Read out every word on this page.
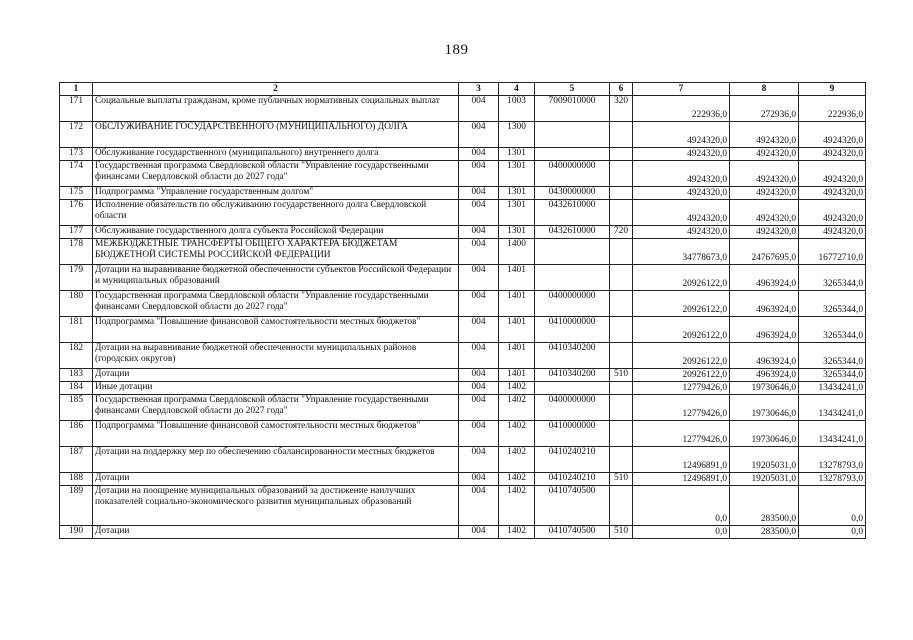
189
1	2	3	4	5	6	7	8	9
171	Социальные выплаты гражданам, кроме публичных нормативных социальных выплат	004	1003	7009010000	320	222936,0	272936,0	222936,0
172	ОБСЛУЖИВАНИЕ ГОСУДАРСТВЕННОГО (МУНИЦИПАЛЬНОГО) ДОЛГА	004	1300			4924320,0	4924320,0	4924320,0
173	Обслуживание государственного (муниципального) внутреннего долга	004	1301			4924320,0	4924320,0	4924320,0
174	Государственная программа Свердловской области "Управление государственными финансами Свердловской области до 2027 года"	004	1301	0400000000		4924320,0	4924320,0	4924320,0
175	Подпрограмма "Управление государственным долгом"	004	1301	0430000000		4924320,0	4924320,0	4924320,0
176	Исполнение обязательств по обслуживанию государственного долга Свердловской области	004	1301	0432610000		4924320,0	4924320,0	4924320,0
177	Обслуживание государственного долга субъекта Российской Федерации	004	1301	0432610000	720	4924320,0	4924320,0	4924320,0
178	МЕЖБЮДЖЕТНЫЕ ТРАНСФЕРТЫ ОБЩЕГО ХАРАКТЕРА БЮДЖЕТАМ БЮДЖЕТНОЙ СИСТЕМЫ РОССИЙСКОЙ ФЕДЕРАЦИИ	004	1400			34778673,0	24767695,0	16772710,0
179	Дотации на выравнивание бюджетной обеспеченности субъектов Российской Федерации и муниципальных образований	004	1401			20926122,0	4963924,0	3265344,0
180	Государственная программа Свердловской области "Управление государственными финансами Свердловской области до 2027 года"	004	1401	0400000000		20926122,0	4963924,0	3265344,0
181	Подпрограмма "Повышение финансовой самостоятельности местных бюджетов"	004	1401	0410000000		20926122,0	4963924,0	3265344,0
182	Дотации на выравнивание бюджетной обеспеченности муниципальных районов (городских округов)	004	1401	0410340200		20926122,0	4963924,0	3265344,0
183	Дотации	004	1401	0410340200	510	20926122,0	4963924,0	3265344,0
184	Иные дотации	004	1402			12779426,0	19730646,0	13434241,0
185	Государственная программа Свердловской области "Управление государственными финансами Свердловской области до 2027 года"	004	1402	0400000000		12779426,0	19730646,0	13434241,0
186	Подпрограмма "Повышение финансовой самостоятельности местных бюджетов"	004	1402	0410000000		12779426,0	19730646,0	13434241,0
187	Дотации на поддержку мер по обеспечению сбалансированности местных бюджетов	004	1402	0410240210		12496891,0	19205031,0	13278793,0
188	Дотации	004	1402	0410240210	510	12496891,0	19205031,0	13278793,0
189	Дотации на поощрение муниципальных образований за достижение наилучших показателей социально-экономического развития муниципальных образований	004	1402	0410740500		0,0	283500,0	0,0
190	Дотации	004	1402	0410740500	510	0,0	283500,0	0,0
